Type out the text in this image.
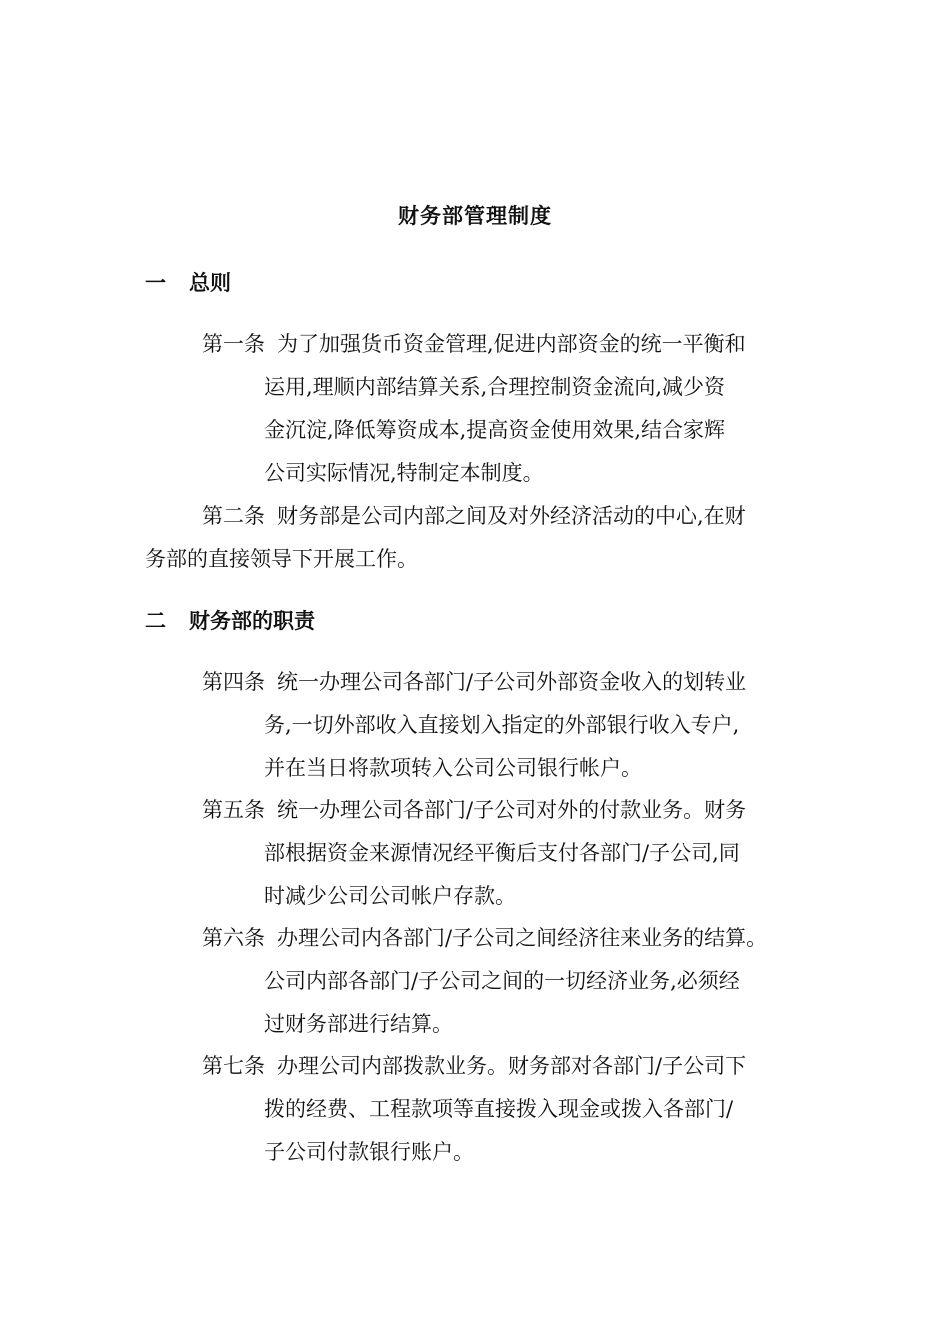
财务部管理制度
一 总则
第一条 为了加强货币资金管理,促进内部资金的统一平衡和
运用,理顺内部结算关系,合理控制资金流向,减少资
金沉淀,降低筹资成本,提高资金使用效果,结合家辉
公司实际情况,特制定本制度。
第二条 财务部是公司内部之间及对外经济活动的中心,在财
务部的直接领导下开展工作。
二 财务部的职责
第四条 统一办理公司各部门/子公司外部资金收入的划转业
务,一切外部收入直接划入指定的外部银行收入专户,
并在当日将款项转入公司公司银行帐户。
第五条 统一办理公司各部门/子公司对外的付款业务。财务
部根据资金来源情况经平衡后支付各部门/子公司,同
时减少公司公司帐户存款。
第六条 办理公司内各部门/子公司之间经济往来业务的结算。
公司内部各部门/子公司之间的一切经济业务,必须经
过财务部进行结算。
第七条 办理公司内部拨款业务。财务部对各部门/子公司下
拨的经费、工程款项等直接拨入现金或拨入各部门/
子公司付款银行账户。
